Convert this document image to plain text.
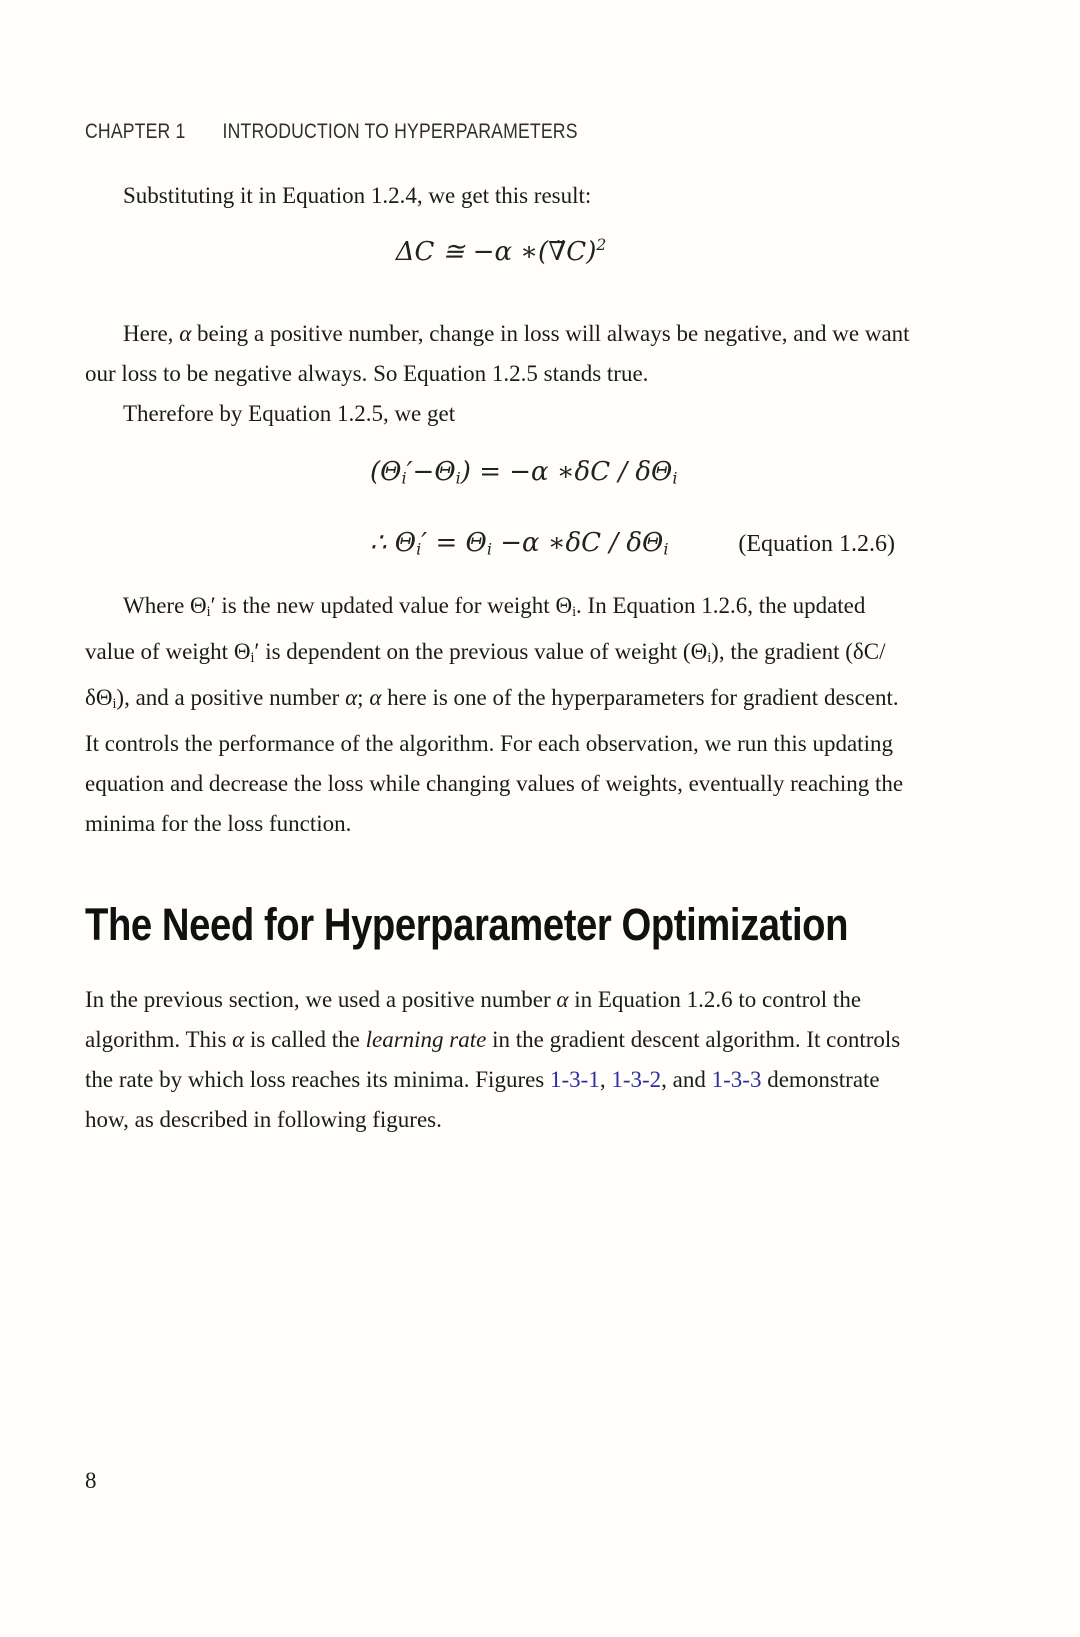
CHAPTER 1 INTRODUCTION TO HYPERPARAMETERS

Substituting it in Equation 1.2.4, we get this result:

ΔC ≅ −α ∗(∇̈C)$^2$

Here, α being a positive number, change in loss will always be negative, and we want our loss to be negative always. So Equation 1.2.5 stands true.

Therefore by Equation 1.2.5, we get

(Θi′−Θi) = −α ∗δC / δΘi
∴ Θi′ = Θi −α ∗δC / δΘi	(Equation 1.2.6)

Where Θi′ is the new updated value for weight Θi. In Equation 1.2.6, the updated value of weight Θi′ is dependent on the previous value of weight (Θi), the gradient (δC/δΘi), and a positive number α; α here is one of the hyperparameters for gradient descent. It controls the performance of the algorithm. For each observation, we run this updating equation and decrease the loss while changing values of weights, eventually reaching the minima for the loss function.

The Need for Hyperparameter Optimization

In the previous section, we used a positive number α in Equation 1.2.6 to control the algorithm. This α is called the learning rate in the gradient descent algorithm. It controls the rate by which loss reaches its minima. Figures 1-3-1, 1-3-2, and 1-3-3 demonstrate how, as described in following figures.

8
